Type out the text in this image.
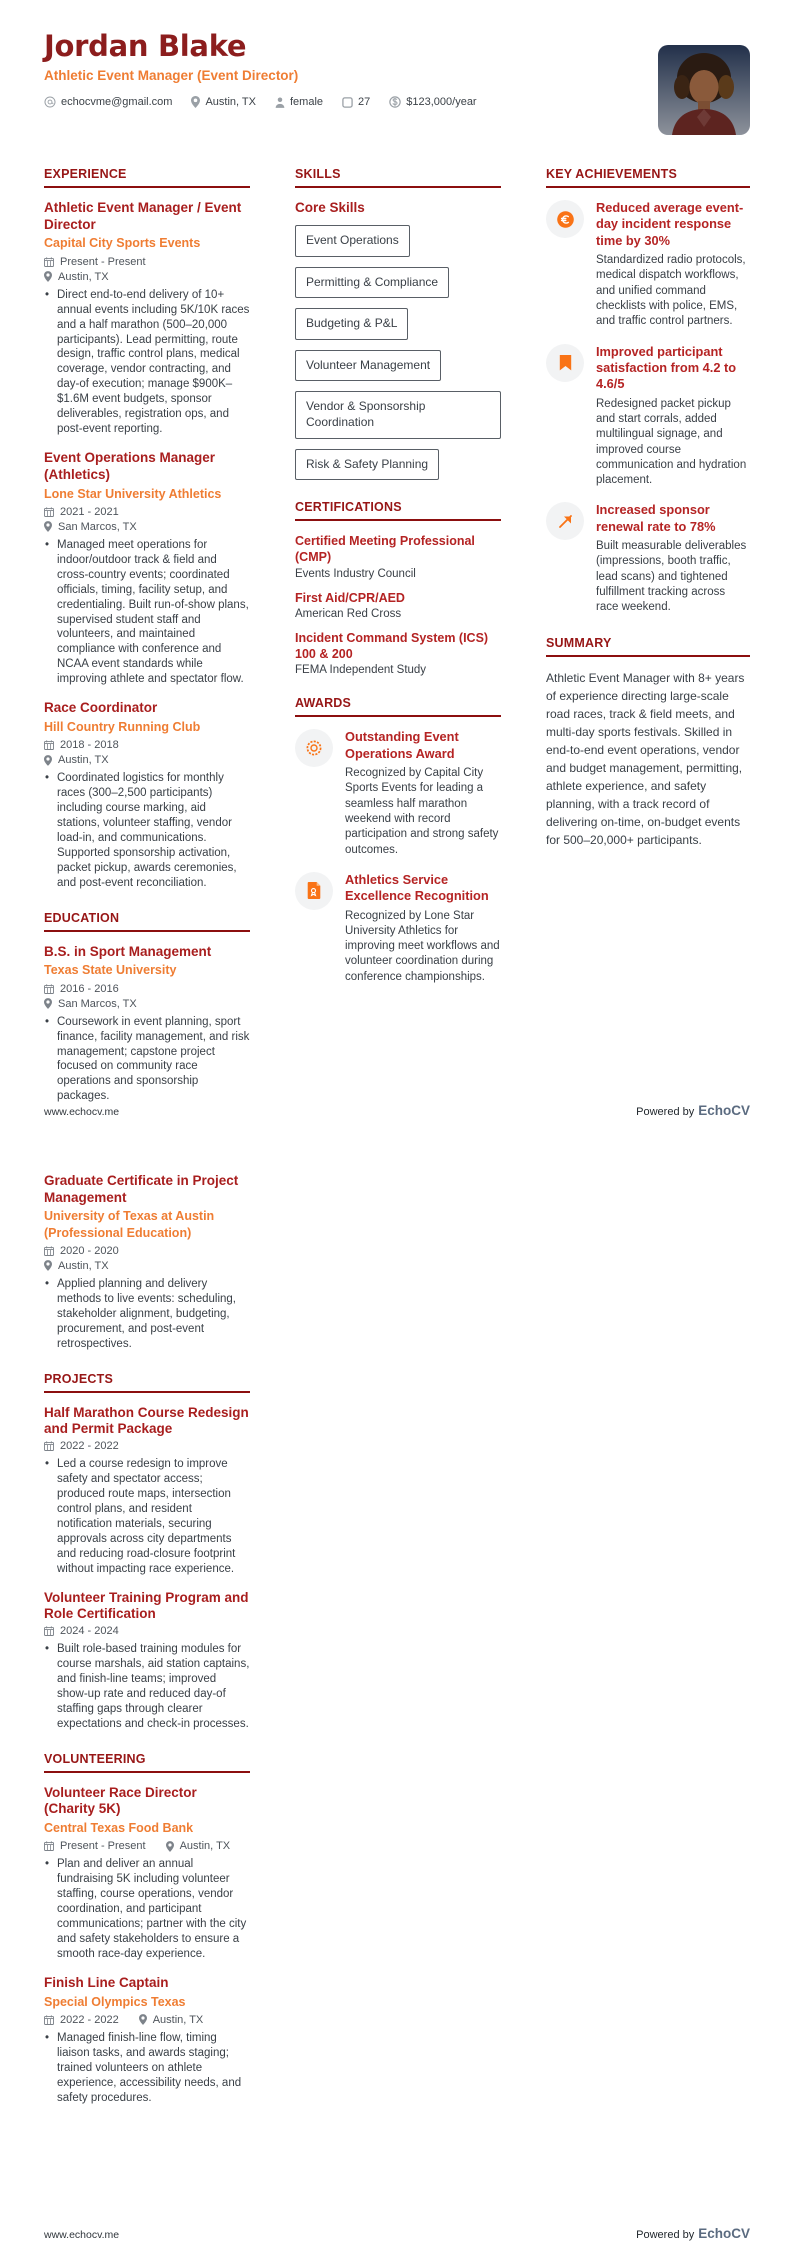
Jordan Blake
Athletic Event Manager (Event Director)
echocvme@gmail.com	Austin, TX	female	27	$123,000/year
EXPERIENCE
Athletic Event Manager / Event Director
Capital City Sports Events
Present - Present
Austin, TX
• Direct end-to-end delivery of 10+ annual events including 5K/10K races and a half marathon (500–20,000 participants). Lead permitting, route design, traffic control plans, medical coverage, vendor contracting, and day-of execution; manage $900K–$1.6M event budgets, sponsor deliverables, registration ops, and post-event reporting.
Event Operations Manager (Athletics)
Lone Star University Athletics
2021 - 2021
San Marcos, TX
• Managed meet operations for indoor/outdoor track & field and cross-country events; coordinated officials, timing, facility setup, and credentialing. Built run-of-show plans, supervised student staff and volunteers, and maintained compliance with conference and NCAA event standards while improving athlete and spectator flow.
Race Coordinator
Hill Country Running Club
2018 - 2018
Austin, TX
• Coordinated logistics for monthly races (300–2,500 participants) including course marking, aid stations, volunteer staffing, vendor load-in, and communications. Supported sponsorship activation, packet pickup, awards ceremonies, and post-event reconciliation.
EDUCATION
B.S. in Sport Management
Texas State University
2016 - 2016
San Marcos, TX
• Coursework in event planning, sport finance, facility management, and risk management; capstone project focused on community race operations and sponsorship packages.
SKILLS
Core Skills
Event Operations
Permitting & Compliance
Budgeting & P&L
Volunteer Management
Vendor & Sponsorship Coordination
Risk & Safety Planning
CERTIFICATIONS
Certified Meeting Professional (CMP)
Events Industry Council
First Aid/CPR/AED
American Red Cross
Incident Command System (ICS) 100 & 200
FEMA Independent Study
AWARDS
Outstanding Event Operations Award
Recognized by Capital City Sports Events for leading a seamless half marathon weekend with record participation and strong safety outcomes.
Athletics Service Excellence Recognition
Recognized by Lone Star University Athletics for improving meet workflows and volunteer coordination during conference championships.
KEY ACHIEVEMENTS
Reduced average event-day incident response time by 30%
Standardized radio protocols, medical dispatch workflows, and unified command checklists with police, EMS, and traffic control partners.
Improved participant satisfaction from 4.2 to 4.6/5
Redesigned packet pickup and start corrals, added multilingual signage, and improved course communication and hydration placement.
Increased sponsor renewal rate to 78%
Built measurable deliverables (impressions, booth traffic, lead scans) and tightened fulfillment tracking across race weekend.
SUMMARY
Athletic Event Manager with 8+ years of experience directing large-scale road races, track & field meets, and multi-day sports festivals. Skilled in end-to-end event operations, vendor and budget management, permitting, athlete experience, and safety planning, with a track record of delivering on-time, on-budget events for 500–20,000+ participants.
www.echocv.me	Powered by EchoCV
Graduate Certificate in Project Management
University of Texas at Austin (Professional Education)
2020 - 2020
Austin, TX
• Applied planning and delivery methods to live events: scheduling, stakeholder alignment, budgeting, procurement, and post-event retrospectives.
PROJECTS
Half Marathon Course Redesign and Permit Package
2022 - 2022
• Led a course redesign to improve safety and spectator access; produced route maps, intersection control plans, and resident notification materials, securing approvals across city departments and reducing road-closure footprint without impacting race experience.
Volunteer Training Program and Role Certification
2024 - 2024
• Built role-based training modules for course marshals, aid station captains, and finish-line teams; improved show-up rate and reduced day-of staffing gaps through clearer expectations and check-in processes.
VOLUNTEERING
Volunteer Race Director (Charity 5K)
Central Texas Food Bank
Present - Present	Austin, TX
• Plan and deliver an annual fundraising 5K including volunteer staffing, course operations, vendor coordination, and participant communications; partner with the city and safety stakeholders to ensure a smooth race-day experience.
Finish Line Captain
Special Olympics Texas
2022 - 2022	Austin, TX
• Managed finish-line flow, timing liaison tasks, and awards staging; trained volunteers on athlete experience, accessibility needs, and safety procedures.
www.echocv.me	Powered by EchoCV
